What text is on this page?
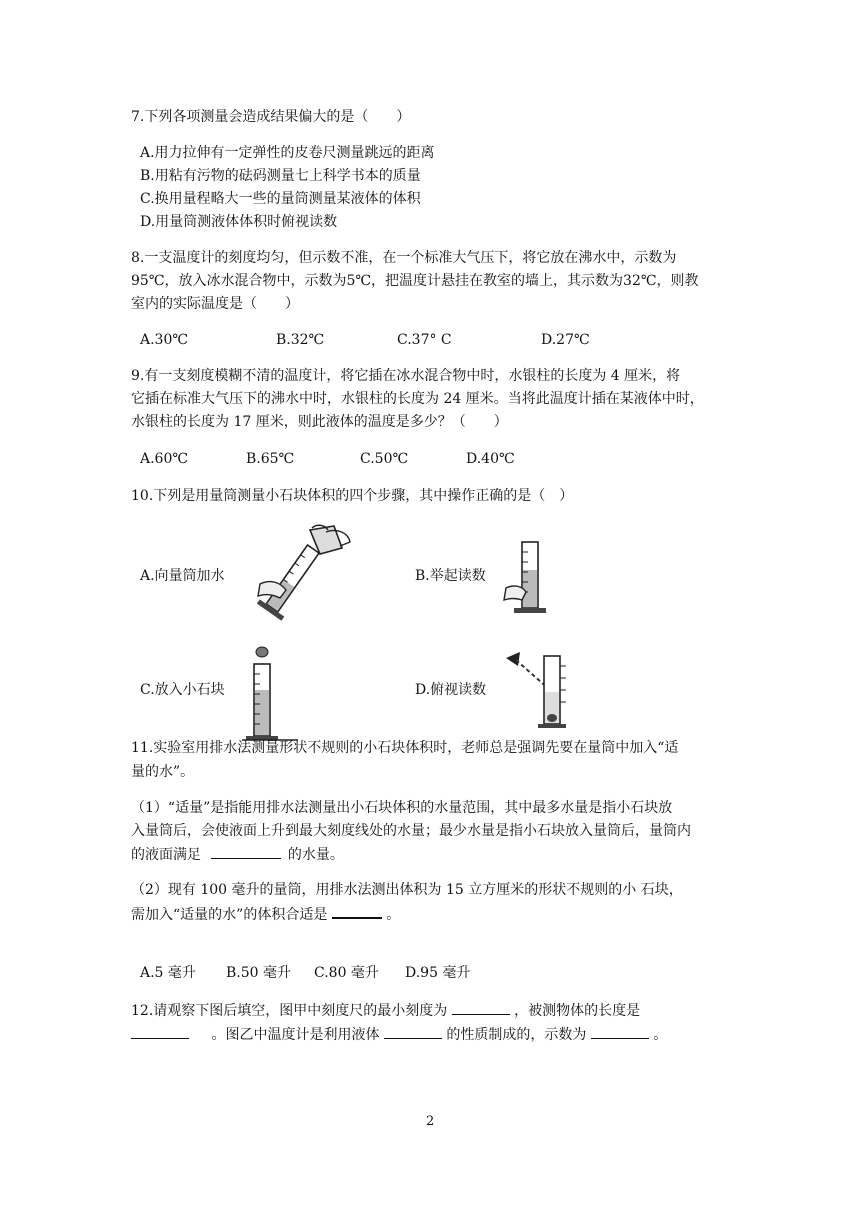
7.下列各项测量会造成结果偏大的是（　　）
A.用力拉伸有一定弹性的皮卷尺测量跳远的距离
B.用粘有污物的砝码测量七上科学书本的质量
C.换用量程略大一些的量筒测量某液体的体积
D.用量筒测液体体积时俯视读数
8.一支温度计的刻度均匀，但示数不准，在一个标准大气压下，将它放在沸水中，示数为
95℃，放入冰水混合物中，示数为5℃，把温度计悬挂在教室的墙上，其示数为32℃，则教
室内的实际温度是（　　）
A.30℃	B.32℃	C.37° C	D.27℃
9.有一支刻度模糊不清的温度计，将它插在冰水混合物中时，水银柱的长度为 4 厘米，将
它插在标准大气压下的沸水中时，水银柱的长度为 24 厘米。当将此温度计插在某液体中时，
水银柱的长度为 17 厘米，则此液体的温度是多少？（　　）
A.60℃	B.65℃	C.50℃	D.40℃
10.下列是用量筒测量小石块体积的四个步骤，其中操作正确的是（　）
A.向量筒加水	B.举起读数
C.放入小石块	D.俯视读数
11.实验室用排水法测量形状不规则的小石块体积时，老师总是强调先要在量筒中加入“适
量的水”。
（1）“适量”是指能用排水法测量出小石块体积的水量范围，其中最多水量是指小石块放
入量筒后，会使液面上升到最大刻度线处的水量；最少水量是指小石块放入量筒后，量筒内
的液面满足	的水量。
（2）现有 100 毫升的量筒，用排水法测出体积为 15 立方厘米的形状不规则的小 石块，
需加入“适量的水”的体积合适是	。
A.5 毫升 B.50 毫升 C.80 毫升 D.95 毫升
12.请观察下图后填空，图甲中刻度尺的最小刻度为	，被测物体的长度是
。图乙中温度计是利用液体	的性质制成的，示数为	。
2
